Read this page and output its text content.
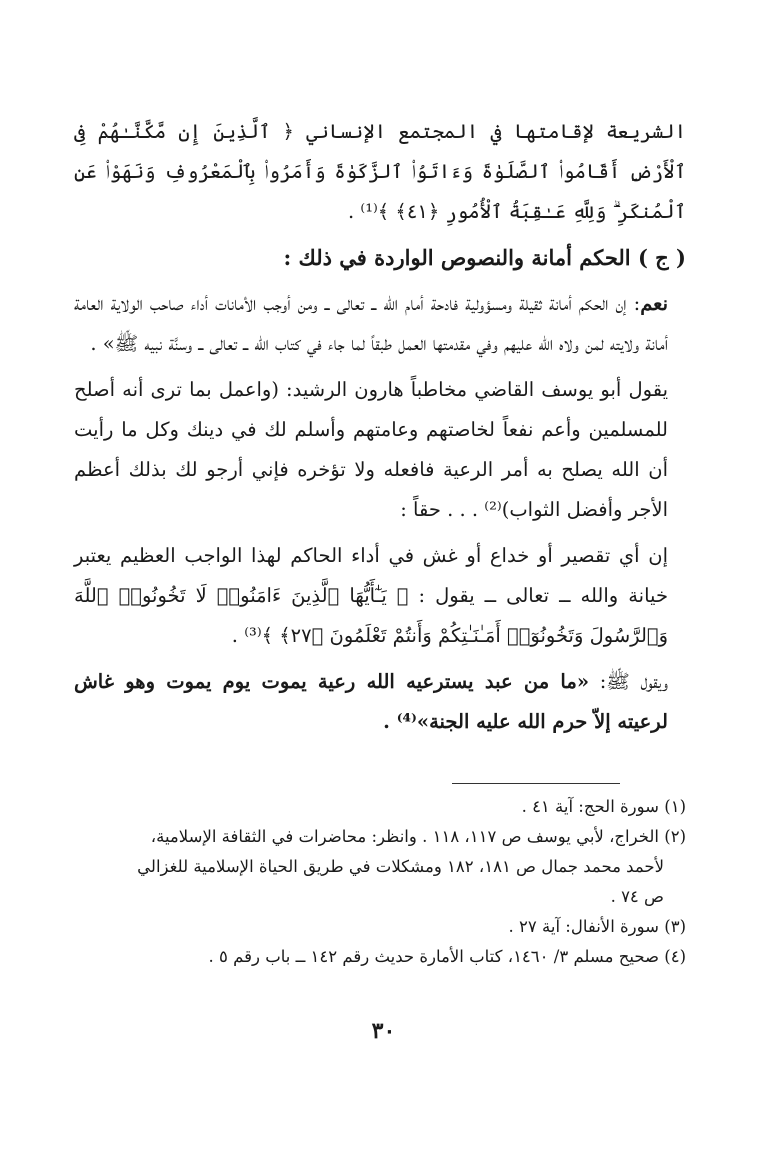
الشريعة لإقامتها في المجتمع الإنساني ﴿ ٱلَّذِينَ إِن مَّكَّنَّـٰهُمْ فِى ٱلْأَرْضِ أَقَامُوا۟ ٱلصَّلَوٰةَ وَءَاتَوُا۟ ٱلزَّكَوٰةَ وَأَمَرُوا۟ بِٱلْمَعْرُوفِ وَنَهَوْا۟ عَنِ ٱلْمُنكَرِ ۗ وَلِلَّهِ عَـٰقِبَةُ ٱلْأُمُورِ ﴿٤١﴾ ﴾⁽¹⁾ .

( ج ) الحكم أمانة والنصوص الواردة في ذلك :

نعم: إن الحكم أمانة ثقيلة ومسؤولية فادحة أمام الله ــ تعالى ــ ومن أوجب الأمانات أداء صاحب الولاية العامة أمانة ولايته لمن ولاه الله عليهم وفي مقدمتها العمل طبقاً لما جاء في كتاب الله ــ تعالى ــ وسنَّة نبيه ﷺ» .

يقول أبو يوسف القاضي مخاطباً هارون الرشيد: (واعمل بما ترى أنه أصلح للمسلمين وأعم نفعاً لخاصتهم وعامتهم وأسلم لك في دينك وكل ما رأيت أن الله يصلح به أمر الرعية فافعله ولا تؤخره فإني أرجو لك بذلك أعظم الأجر وأفضل الثواب)⁽²⁾ . . . حقاً :

إن أي تقصير أو خداع أو غش في أداء الحاكم لهذا الواجب العظيم يعتبر خيانة والله ــ تعالى ــ يقول : ﴿ يَـٰٓأَيُّهَا ٱلَّذِينَ ءَامَنُوا۟ لَا تَخُونُوا۟ ٱللَّهَ وَٱلرَّسُولَ وَتَخُونُوٓا۟ أَمَـٰنَـٰتِكُمْ وَأَنتُمْ تَعْلَمُونَ ﴿٢٧﴾ ﴾⁽³⁾ .

ويقول ﷺ: «ما من عبد يسترعيه الله رعية يموت يوم يموت وهو غاش لرعيته إلاّ حرم الله عليه الجنة»⁽⁴⁾ .

(١) سورة الحج: آية ٤١ .

(٢) الخراج، لأبي يوسف ص ١١٧، ١١٨ . وانظر: محاضرات في الثقافة الإسلامية،

لأحمد محمد جمال ص ١٨١، ١٨٢ ومشكلات في طريق الحياة الإسلامية للغزالي

ص ٧٤ .

(٣) سورة الأنفال: آية ٢٧ .

(٤) صحيح مسلم ٣/ ١٤٦٠، كتاب الأمارة حديث رقم ١٤٢ ــ باب رقم ٥ .

٣٠
